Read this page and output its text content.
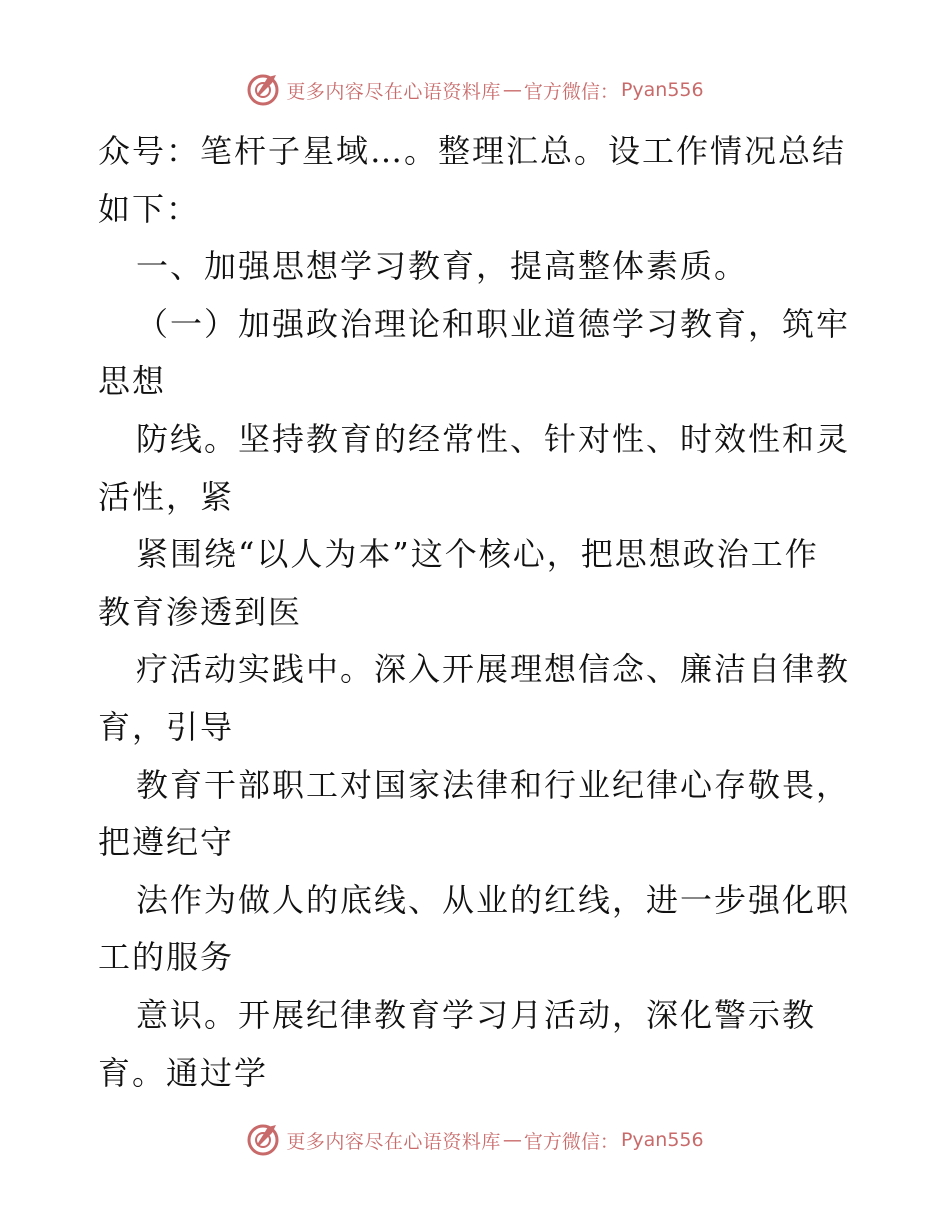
更多内容尽在心语资料库 — 官方微信： Pyan556
众号：笔杆子星域…。整理汇总。设工作情况总结
如下：
一、加强思想学习教育，提高整体素质。
（一）加强政治理论和职业道德学习教育，筑牢
思想
防线。坚持教育的经常性、针对性、时效性和灵
活性，紧
紧围绕“以人为本”这个核心，把思想政治工作
教育渗透到医
疗活动实践中。深入开展理想信念、廉洁自律教
育，引导
教育干部职工对国家法律和行业纪律心存敬畏，
把遵纪守
法作为做人的底线、从业的红线，进一步强化职
工的服务
意识。开展纪律教育学习月活动，深化警示教
育。通过学
更多内容尽在心语资料库 — 官方微信： Pyan556
